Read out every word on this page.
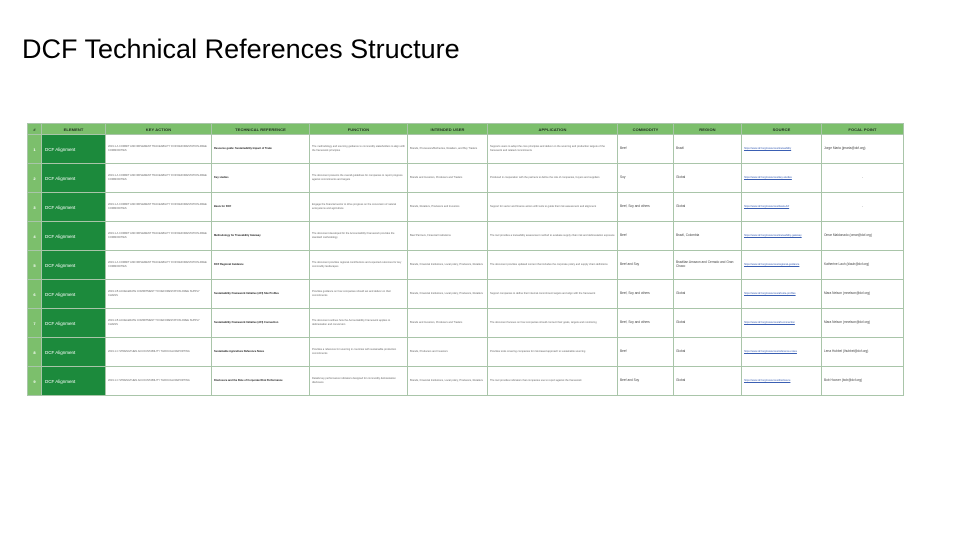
DCF Technical References Structure
#	ELEMENT	KEY ACTION	TECHNICAL REFERENCE	FUNCTION	INTENDED USER	APPLICATION	COMMODITY	REGION	SOURCE	FOCAL POINT
1	DCF Alignment	2019.1.A COMMIT AND IMPLEMENT TRACEABILITY FOR DEFORESTATION-FREE COMMODITIES	Resource guide: Sustainability Impact of Trade	The methodology and sourcing guidance to commodity stakeholders to align with the framework principles	Brands, Processors/Refineries, Retailers, and Buy Traders	Supports users to adopt the core principles and deliver on the sourcing and production targets of the framework and related commitments	Beef	Brazil	https://www.dcf.org/resources/traceability	Jorge Maria (jmaria@dcf.org)
2	DCF Alignment	2019.1.A COMMIT AND IMPLEMENT TRACEABILITY FOR DEFORESTATION-FREE COMMODITIES	Key studies	The document presents the overall guidelines for companies to report progress against commitments and targets	Brands and Investors, Producers and Traders	Produced in cooperation with the partners to define the role of companies, buyers and suppliers	Soy	Global	https://www.dcf.org/resources/key-studies	-
3	DCF Alignment	2019.1.A COMMIT AND IMPLEMENT TRACEABILITY FOR DEFORESTATION-FREE COMMODITIES	Basis for DCF	Engage the financial sector to drive progress on the conversion of natural ecosystems and agriculture	Brands, Retailers, Producers and Investors	Support for sector and finance actors with tools to guide their risk assessment and alignment	Beef, Soy and others	Global	https://www.dcf.org/resources/basis-dcf	-
4	DCF Alignment	2019.1.A COMMIT AND IMPLEMENT TRACEABILITY FOR DEFORESTATION-FREE COMMODITIES	Methodology for Traceability Gateway	The document developed for the Accountability Framework provides the standard methodology	Beef Partners, Financial Institutions	The tool provides a traceability assessment method to evaluate supply chain risk and deforestation exposure	Beef	Brazil, Colombia	https://www.dcf.org/resources/traceability-gateway	Omar Maldonado (omar@dcf.org)
5	DCF Alignment	2019.1.A COMMIT AND IMPLEMENT TRACEABILITY FOR DEFORESTATION-FREE COMMODITIES	DCF Regional Guidance	The document provides regional contributions and expected outcomes for key commodity landscapes	Brands, Financial Institutions, Local policy, Producers, Retailers	The document provides updated content that includes the corporate policy and supply chain definitions	Beef and Soy	Brazilian Amazon and Cerrado and Gran Chaco	https://www.dcf.org/resources/regional-guidance	Katherine Lauh (klauh@dcf.org)
6	DCF Alignment	2019.1.B ACCELERATE COMMITMENT TO DEFORESTATION-FREE SUPPLY CHAINS	Sustainability Framework Initiative (AFI) Site Profiles	Provides guidance on how companies should set and deliver on their commitments	Brands, Financial Institutions, Local policy, Producers, Retailers	Support companies to define their internal commitment targets and align with the framework	Beef, Soy and others	Global	https://www.dcf.org/resources/afi-site-profiles	Mara Nelson (mnelson@dcf.org)
7	DCF Alignment	2019.1.B ACCELERATE COMMITMENT TO DEFORESTATION-FREE SUPPLY CHAINS	Sustainability Framework Initiative (AFI) Connection	The document outlines how the Accountability Framework applies to deforestation and conversion	Brands and Investors, Producers and Traders	The document focuses on how companies should connect their goals, targets and monitoring	Beef, Soy and others	Global	https://www.dcf.org/resources/afi-connection	Mara Nelson (mnelson@dcf.org)
8	DCF Alignment	2019.1.C STRENGTHEN ACCOUNTABILITY THROUGH REPORTING	Sustainable Agriculture Reference Notes	Provides a reference for sourcing in countries with sustainable production commitments	Brands, Producers and Investors	Provides tools covering companies for risk-based approach to sustainable sourcing	Beef	Global	https://www.dcf.org/resources/reference-notes	Lena Hubbel (lhubbel@dcf.org)
9	DCF Alignment	2019.1.C STRENGTHEN ACCOUNTABILITY THROUGH REPORTING	Disclosure and the Role of Corporate Risk Performance	Details key performance indicators designed for commodity deforestation disclosure	Brands, Financial Institutions, Local policy, Producers, Retailers	The tool provides indicators that companies use to report against the framework	Beef and Soy	Global	https://www.dcf.org/resources/disclosure	Bob Hoover (bob@dcf.org)
